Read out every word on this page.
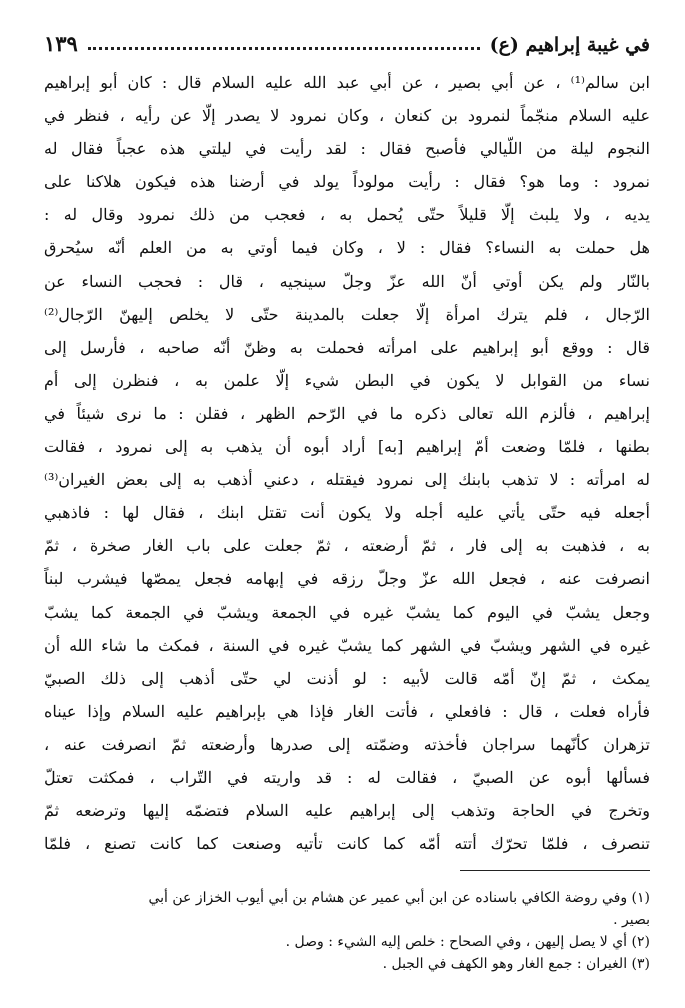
في غيبة إبراهيم (ع)
١٣٩
ابن سالم⁽¹⁾ ، عن أبي بصير ، عن أبي عبد الله عليه السلام قال : كان أبو إبراهيم
عليه السلام منجّماً لنمرود بن كنعان ، وكان نمرود لا يصدر إلّا عن رأيه ، فنظر في
النجوم ليلة من اللّيالي فأصبح فقال : لقد رأيت في ليلتي هذه عجباً فقال له
نمرود : وما هو؟ فقال : رأيت مولوداً يولد في أرضنا هذه فيكون هلاكنا على
يديه ، ولا يلبث إلّا قليلاً حتّى يُحمل به ، فعجب من ذلك نمرود وقال له :
هل حملت به النساء؟ فقال : لا ، وكان فيما أوتي به من العلم أنّه سيُحرق
بالنّار ولم يكن أوتي أنّ الله عزّ وجلّ سينجيه ، قال : فحجب النساء عن
الرّجال ، فلم يترك امرأة إلّا جعلت بالمدينة حتّى لا يخلص إليهنّ الرّجال⁽²⁾
قال : ووقع أبو إبراهيم على امرأته فحملت به وظنّ أنّه صاحبه ، فأرسل إلى
نساء من القوابل لا يكون في البطن شيء إلّا علمن به ، فنظرن إلى أم
إبراهيم ، فألزم الله تعالى ذكره ما في الرّحم الظهر ، فقلن : ما نرى شيئاً في
بطنها ، فلمّا وضعت أمّ إبراهيم [به] أراد أبوه أن يذهب به إلى نمرود ، فقالت
له امرأته : لا تذهب بابنك إلى نمرود فيقتله ، دعني أذهب به إلى بعض الغيران⁽³⁾
أجعله فيه حتّى يأتي عليه أجله ولا يكون أنت تقتل ابنك ، فقال لها : فاذهبي
به ، فذهبت به إلى فار ، ثمّ أرضعته ، ثمّ جعلت على باب الغار صخرة ، ثمّ
انصرفت عنه ، فجعل الله عزّ وجلّ رزقه في إبهامه فجعل يمصّها فيشرب لبناً
وجعل يشبّ في اليوم كما يشبّ غيره في الجمعة ويشبّ في الجمعة كما يشبّ
غيره في الشهر ويشبّ في الشهر كما يشبّ غيره في السنة ، فمكث ما شاء الله أن
يمكث ، ثمّ إنّ أمّه قالت لأبيه : لو أذنت لي حتّى أذهب إلى ذلك الصبيّ
فأراه فعلت ، قال : فافعلي ، فأتت الغار فإذا هي بإبراهيم عليه السلام وإذا عيناه
تزهران كأنّهما سراجان فأخذته وضمّته إلى صدرها وأرضعته ثمّ انصرفت عنه ،
فسألها أبوه عن الصبيّ ، فقالت له : قد واريته في التّراب ، فمكثت تعتلّ
وتخرج في الحاجة وتذهب إلى إبراهيم عليه السلام فتضمّه إليها وترضعه ثمّ
تنصرف ، فلمّا تحرّك أتته أمّه كما كانت تأتيه وصنعت كما كانت تصنع ، فلمّا
(١) وفي روضة الكافي باسناده عن ابن أبي عمير عن هشام بن أبي أيوب الخزاز عن أبي
بصير .
(٢) أي لا يصل إليهن ، وفي الصحاح : خلص إليه الشيء : وصل .
(٣) الغيران : جمع الغار وهو الكهف في الجبل .
